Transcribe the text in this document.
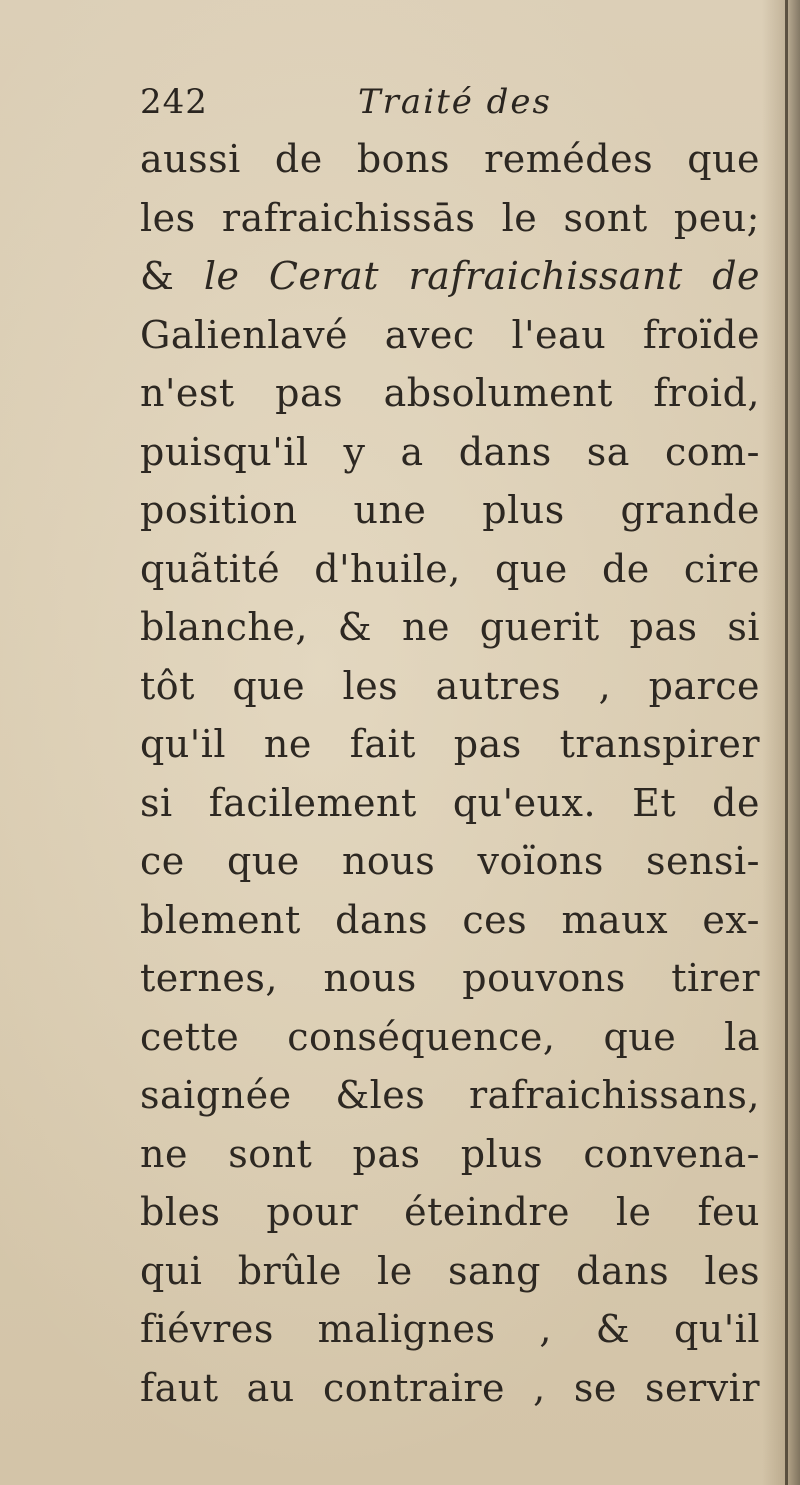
242	Traité des
aussi de bons remédes que
les rafraichissās le sont peu;
& le Cerat rafraichissant de
Galienlavé avec l'eau froïde
n'est pas absolument froid,
puisqu'il y a dans sa com-
position une plus grande
quãtité d'huile, que de cire
blanche, & ne guerit pas si
tôt que les autres , parce
qu'il ne fait pas transpirer
si facilement qu'eux. Et de
ce que nous voïons sensi-
blement dans ces maux ex-
ternes, nous pouvons tirer
cette conséquence, que la
saignée &les rafraichissans,
ne sont pas plus convena-
bles pour éteindre le feu
qui brûle le sang dans les
fiévres malignes , & qu'il
faut au contraire , se servir
